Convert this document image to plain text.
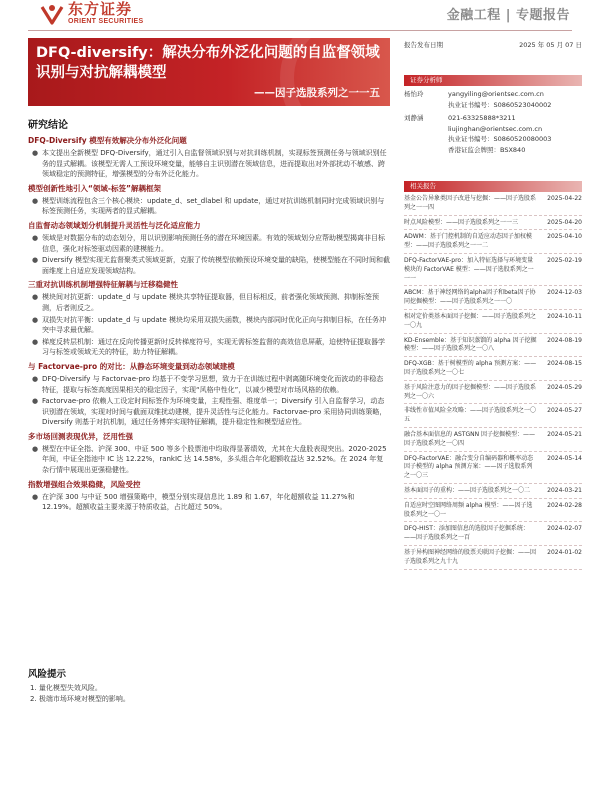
东方证券
ORIENT SECURITIES	金融工程 | 专题报告
DFQ-diversify：解决分布外泛化问题的自监督领域识别与对抗解耦模型
——因子选股系列之一一五
研究结论
DFQ-Diversify 模型有效解决分布外泛化问题
● 本文提出全新模型 DFQ-Diversify，通过引入自监督领域识别与对抗训练机制，实现标签预测任务与领域识别任务的显式解耦。该模型无需人工预设环境变量，能够自主识别潜在领域信息，进而提取出对外部扰动不敏感、跨领域稳定的预测特征，增强模型的分布外泛化能力。
模型创新性地引入“领域-标签”解耦框架
● 模型训练流程包含三个核心模块：update_d、set_dlabel 和 update，通过对抗训练机制同时完成领域识别与标签预测任务，实现两者的显式解耦。
自监督动态领域划分机制提升灵活性与泛化适应能力
● 领域是对数据分布的动态划分，用以识别影响预测任务的潜在环境因素。有效的领域划分应帮助模型揭离非目标信息，强化对标签驱动因素的建模能力。
● Diversify 模型实现无监督聚类式领域更新，克服了传统模型依赖预设环境变量的缺陷，使模型能在不同时间和截面维度上自适应发现领域结构。
三重对抗训练机制增强特征解耦与迁移稳健性
● 模块间对抗更新：update_d 与 update 模块共享特征提取器，但目标相反，前者强化领域预测、抑制标签预测，后者则反之。
● 双损失对抗平衡：update_d 与 update 模块均采用双损失函数，模块内部同时优化正向与抑制目标，在任务冲突中寻求最优解。
● 梯度反转层机制：通过在反向传播更新时反转梯度符号，实现无需标签监督的高效信息屏蔽，迫使特征提取器学习与标签或领域无关的特征，助力特征解耦。
与 Factorvae-pro 的对比：从静态环境变量到动态领域建模
● DFQ-Diversify 与 Factorvae-pro 均基于不变学习思想，致力于在训练过程中剥离随环境变化而波动的非稳态特征，提取与标签高度因果相关的稳定因子，实现“风格中性化”，以减少模型对市场风格的依赖。
● Factorvae-pro 依赖人工设定时间标签作为环境变量，主观性强、维度单一；Diversify 引入自监督学习，动态识别潜在领域，实现对时间与截面双维扰动建模，提升灵活性与泛化能力。Factorvae-pro 采用协同训练策略，Diversify 则基于对抗机制，通过任务博弈实现特征解耦，提升稳定性和模型适应性。
多市场回测表现优异，泛用性强
● 模型在中证全指、沪深 300、中证 500 等多个股票池中均取得显著绩效，尤其在大盘股表现突出。2020-2025 年间，中证全指池中 IC 达 12.22%，rankIC 达 14.58%，多头组合年化超额收益达 32.52%。在 2024 年复杂行情中展现出更强稳健性。
指数增强组合效果稳健，风险受控
● 在沪深 300 与中证 500 增强策略中，模型分别实现信息比 1.89 和 1.67，年化超额收益 11.27%和 12.19%。超额收益主要来源于特质收益，占比超过 50%。
风险提示
1. 量化模型失效风险。
2. 极端市场环境对模型的影响。
报告发布日期	2025 年 05 月 07 日
证券分析师
杨怡玲	yangyiling@orientsec.com.cn
执业证书编号：S0860523040002
刘静涵	021-63325888*3211
liujinghan@orientsec.com.cn
执业证书编号：S0860520080003
香港证监会牌照：BSX840
相关报告
基金公告异象类因子改进与挖掘：——因子选股系列之一一四
2025-04-22
时点风险模型：——因子选股系列之一一三	2025-04-20
ADWM：基于门控机制的自适应动态因子加权模型：——因子选股系列之一一二
2025-04-10
DFQ-FactorVAE-pro：加入特征选择与环境变量模块的 FactorVAE 模型：——因子选股系列之一一一
2025-02-19
ABCM：基于神经网络的alpha因子和beta因子协同挖掘模型：——因子选股系列之一一〇
2024-12-03
相对定价类基本面因子挖掘：——因子选股系列之一〇九
2024-10-11
KD-Ensemble：基于知识蒸馏的 alpha 因子挖掘模型：——因子选股系列之一〇八
2024-08-19
DFQ-XGB：基于树模型的 alpha 预测方案：——因子选股系列之一〇七
2024-08-15
基于风险注意力的因子挖掘模型：——因子选股系列之一〇六
2024-05-29
非线性市值风险全攻略：——因子选股系列之一〇五
2024-05-27
融合基本面信息的 ASTGNN 因子挖掘模型：——因子选股系列之一〇四
2024-05-21
DFQ-FactorVAE：融合变分自编码器和概率动态因子模型的 alpha 预测方案：——因子选股系列之一〇三
2024-05-14
基本面因子的重构：——因子选股系列之一〇二	2024-03-21
自适应时空图网络周频 alpha 模型：——因子选股系列之一〇一
2024-02-28
DFQ-HIST：添加图信息的选股因子挖掘系统：——因子选股系列之一百
2024-02-07
基于异构图神经网络的股票关联因子挖掘：——因子选股系列之九十九
2024-01-02
